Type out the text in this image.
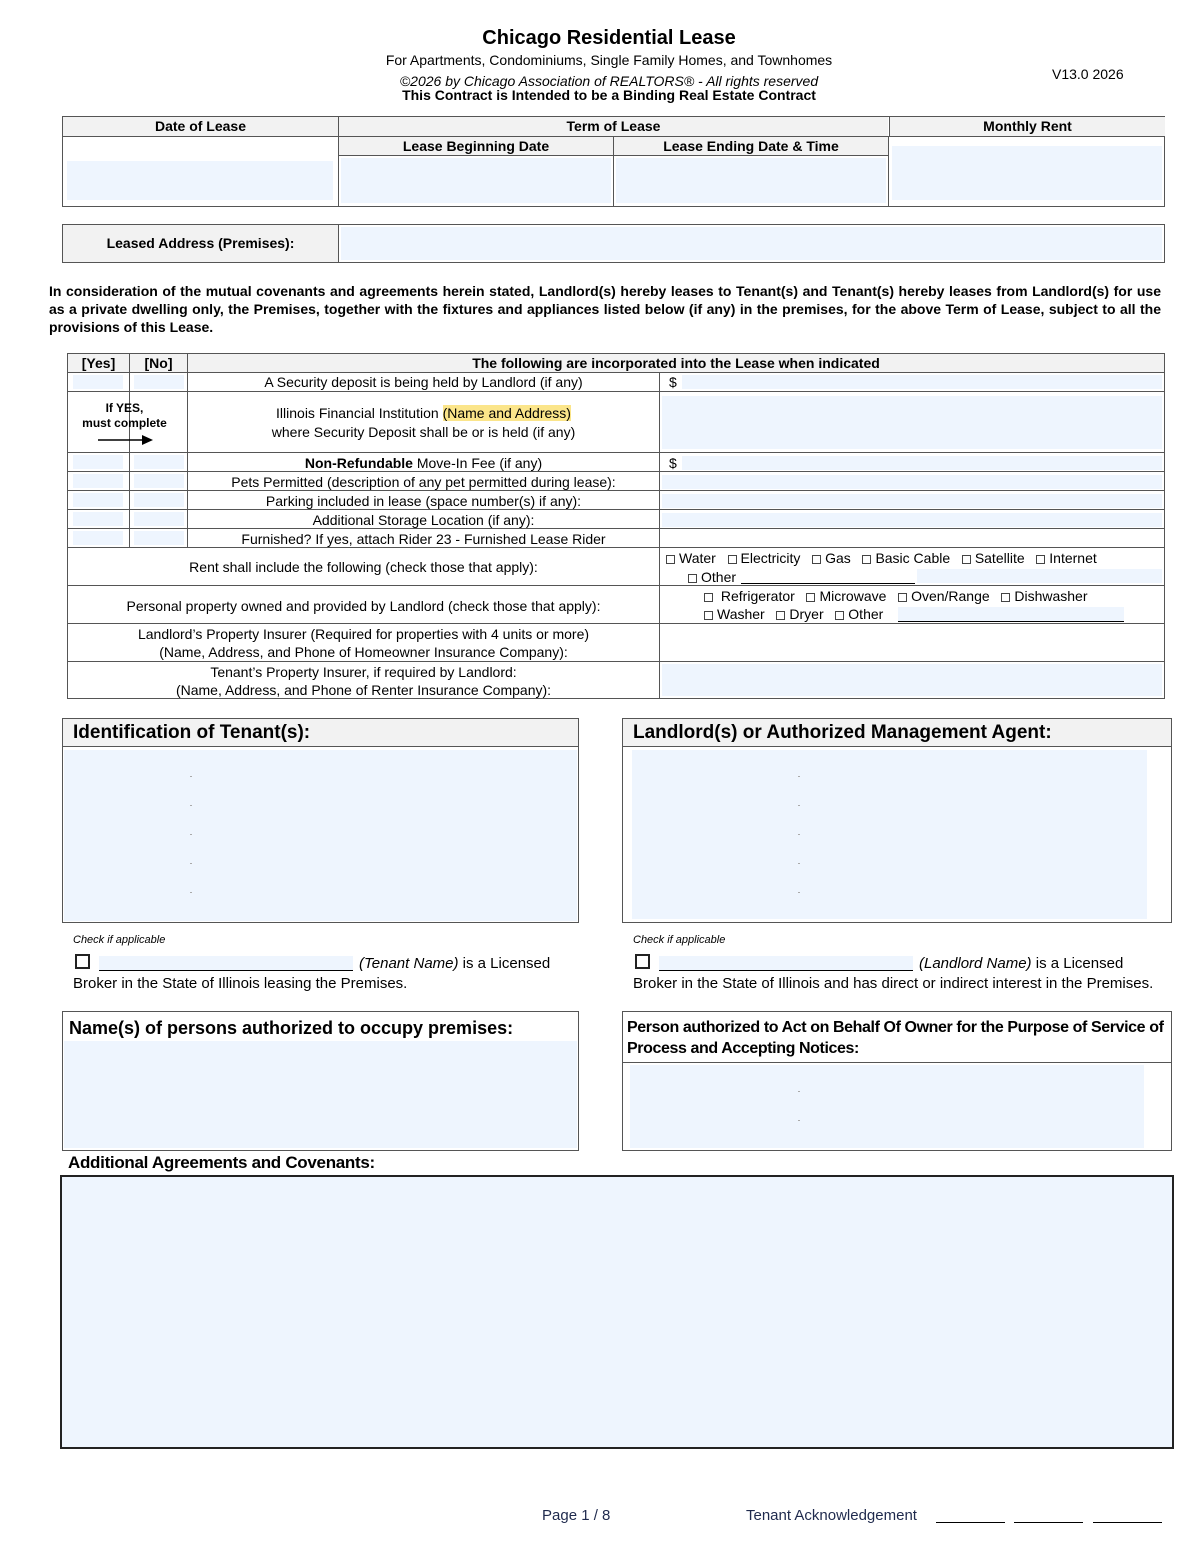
Chicago Residential Lease
For Apartments, Condominiums, Single Family Homes, and Townhomes
©2026 by Chicago Association of REALTORS® - All rights reserved
This Contract is Intended to be a Binding Real Estate Contract
V13.0 2026
Date of Lease	Term of Lease	Monthly Rent
Lease Beginning Date	Lease Ending Date & Time
Leased Address (Premises):
In consideration of the mutual covenants and agreements herein stated, Landlord(s) hereby leases to Tenant(s) and Tenant(s) hereby leases from Landlord(s) for use as a private dwelling only, the Premises, together with the fixtures and appliances listed below (if any) in the premises, for the above Term of Lease, subject to all the provisions of this Lease.
[Yes]	[No]	The following are incorporated into the Lease when indicated
A Security deposit is being held by Landlord (if any)	$
If YES,
must complete
Illinois Financial Institution (Name and Address)
where Security Deposit shall be or is held (if any)
Non-Refundable Move-In Fee (if any)	$
Pets Permitted (description of any pet permitted during lease):
Parking included in lease (space number(s) if any):
Additional Storage Location (if any):
Furnished? If yes, attach Rider 23 - Furnished Lease Rider
Rent shall include the following (check those that apply):
Water Electricity Gas Basic Cable Satellite Internet
Other
Personal property owned and provided by Landlord (check those that apply):
Refrigerator Microwave Oven/Range Dishwasher
Washer Dryer Other
Landlord’s Property Insurer (Required for properties with 4 units or more)
(Name, Address, and Phone of Homeowner Insurance Company):
Tenant’s Property Insurer, if required by Landlord:
(Name, Address, and Phone of Renter Insurance Company):
Identification of Tenant(s):	Landlord(s) or Authorized Management Agent:
Check if applicable
(Tenant Name) is a Licensed
Broker in the State of Illinois leasing the Premises.
Check if applicable
(Landlord Name) is a Licensed
Broker in the State of Illinois and has direct or indirect interest in the Premises.
Name(s) of persons authorized to occupy premises:	Person authorized to Act on Behalf Of Owner for the Purpose of Service of
Process and Accepting Notices:
Additional Agreements and Covenants:
Page 1 / 8	Tenant Acknowledgement
